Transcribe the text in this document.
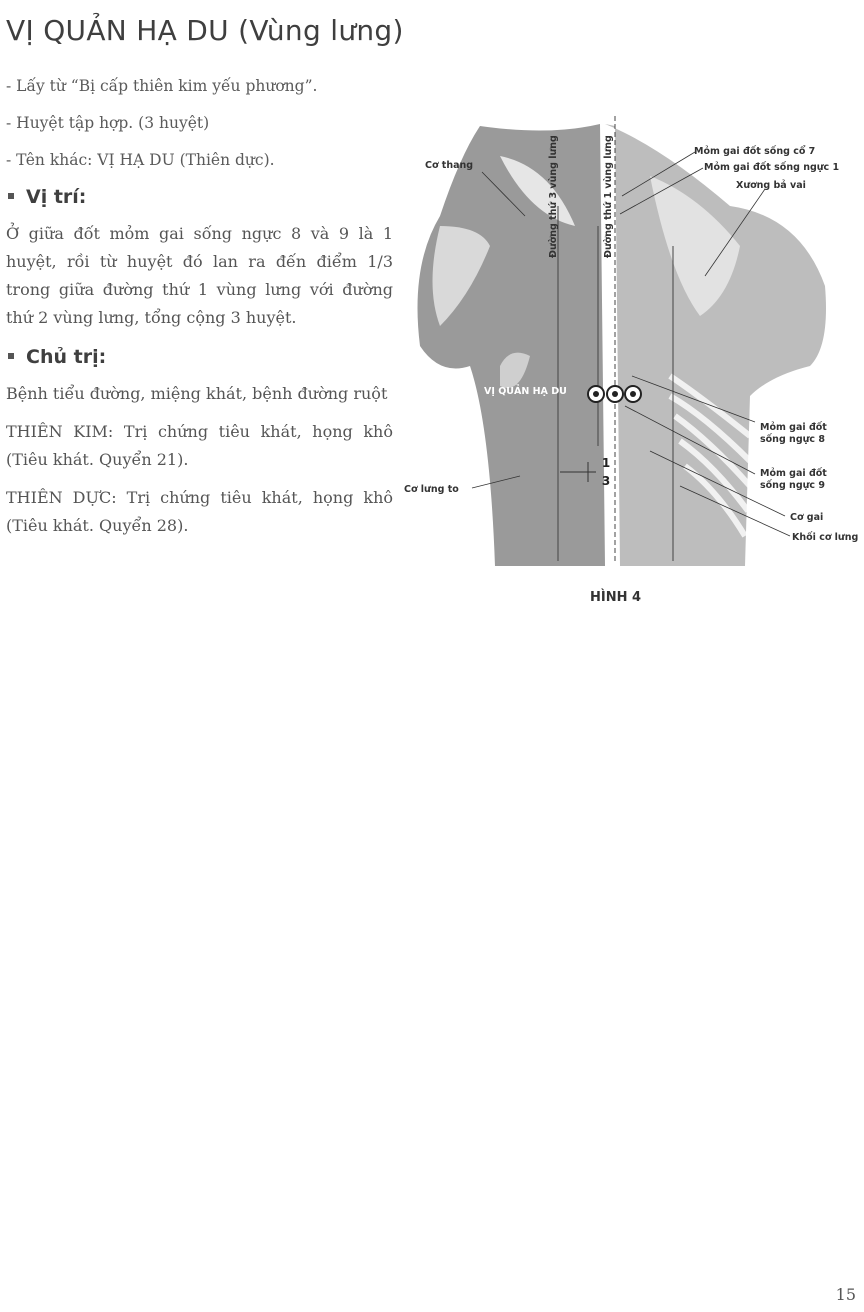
VỊ QUẢN HẠ DU (Vùng lưng)

- Lấy từ “Bị cấp thiên kim yếu phương”.

- Huyệt tập hợp. (3 huyệt)

- Tên khác: VỊ HẠ DU (Thiên dực).

Vị trí:

Ở giữa đốt mỏm gai sống ngực 8 và 9 là 1 huyệt, rồi từ huyệt đó lan ra đến điểm 1/3 trong giữa đường thứ 1 vùng lưng với đường thứ 2 vùng lưng, tổng cộng 3 huyệt.

Chủ trị:

Bệnh tiểu đường, miệng khát, bệnh đường ruột

THIÊN KIM: Trị chứng tiêu khát, họng khô (Tiêu khát. Quyển 21).

THIÊN DỰC: Trị chứng tiêu khát, họng khô (Tiêu khát. Quyển 28).

Cơ thang	Đường thứ 3 vùng lưng	Đường thứ 1 vùng lưng	Mỏm gai đốt sống cổ 7
Mỏm gai đốt sống ngực 1
Xương bả vai
VỊ QUẢN HẠ DU
Mỏm gai đốt sống ngực 8
Mỏm gai đốt sống ngực 9
Cơ lưng to
Cơ gai
Khối cơ lưng
1
3
HÌNH 4
15
